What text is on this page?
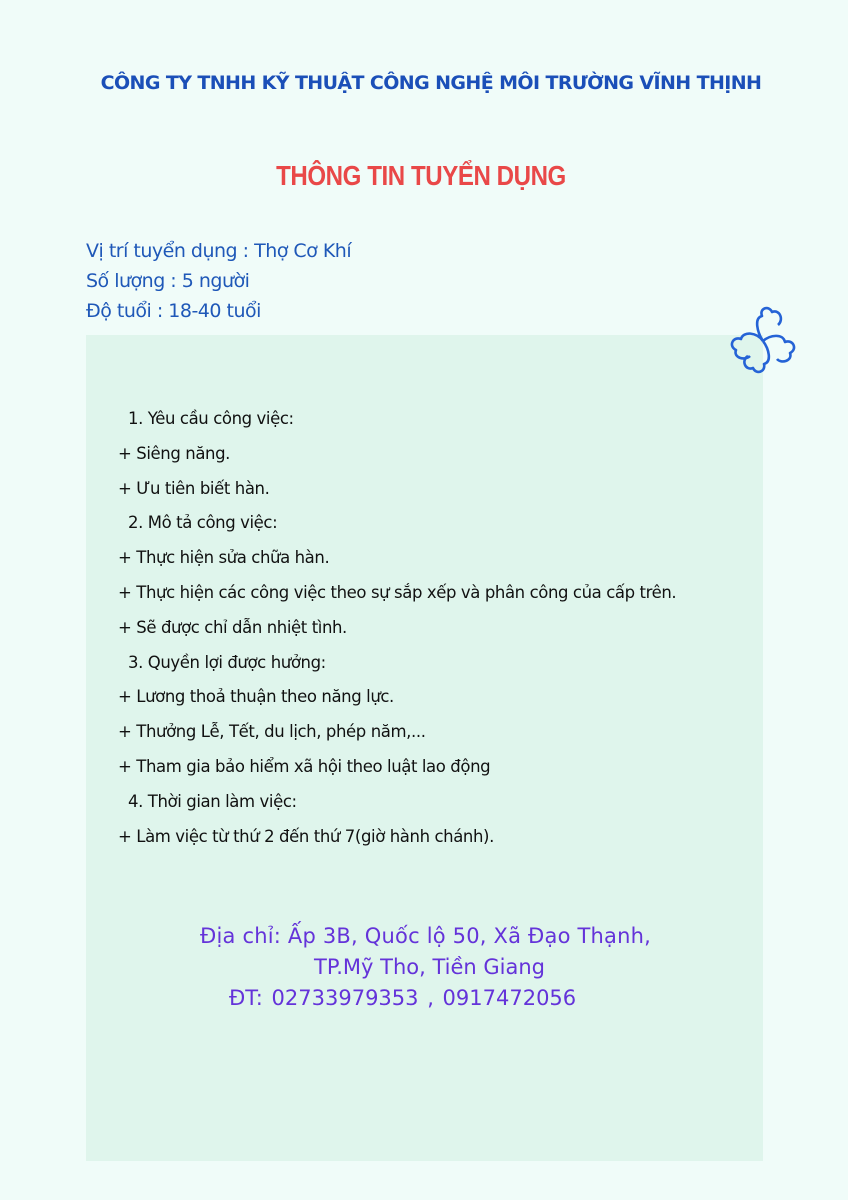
CÔNG TY TNHH KỸ THUẬT CÔNG NGHỆ MÔI TRƯỜNG VĨNH THỊNH
THÔNG TIN TUYỂN DỤNG
Vị trí tuyển dụng : Thợ Cơ Khí
Số lượng : 5 người
Độ tuổi : 18-40 tuổi
1. Yêu cầu công việc:
+ Siêng năng.
+ Ưu tiên biết hàn.
2. Mô tả công việc:
+ Thực hiện sửa chữa hàn.
+ Thực hiện các công việc theo sự sắp xếp và phân công của cấp trên.
+ Sẽ được chỉ dẫn nhiệt tình.
3. Quyền lợi được hưởng:
+ Lương thoả thuận theo năng lực.
+ Thưởng Lễ, Tết, du lịch, phép năm,...
+ Tham gia bảo hiểm xã hội theo luật lao động
4. Thời gian làm việc:
+ Làm việc từ thứ 2 đến thứ 7(giờ hành chánh).
Địa chỉ: Ấp 3B, Quốc lộ 50, Xã Đạo Thạnh,
TP.Mỹ Tho, Tiền Giang
ĐT: 02733979353 , 0917472056
